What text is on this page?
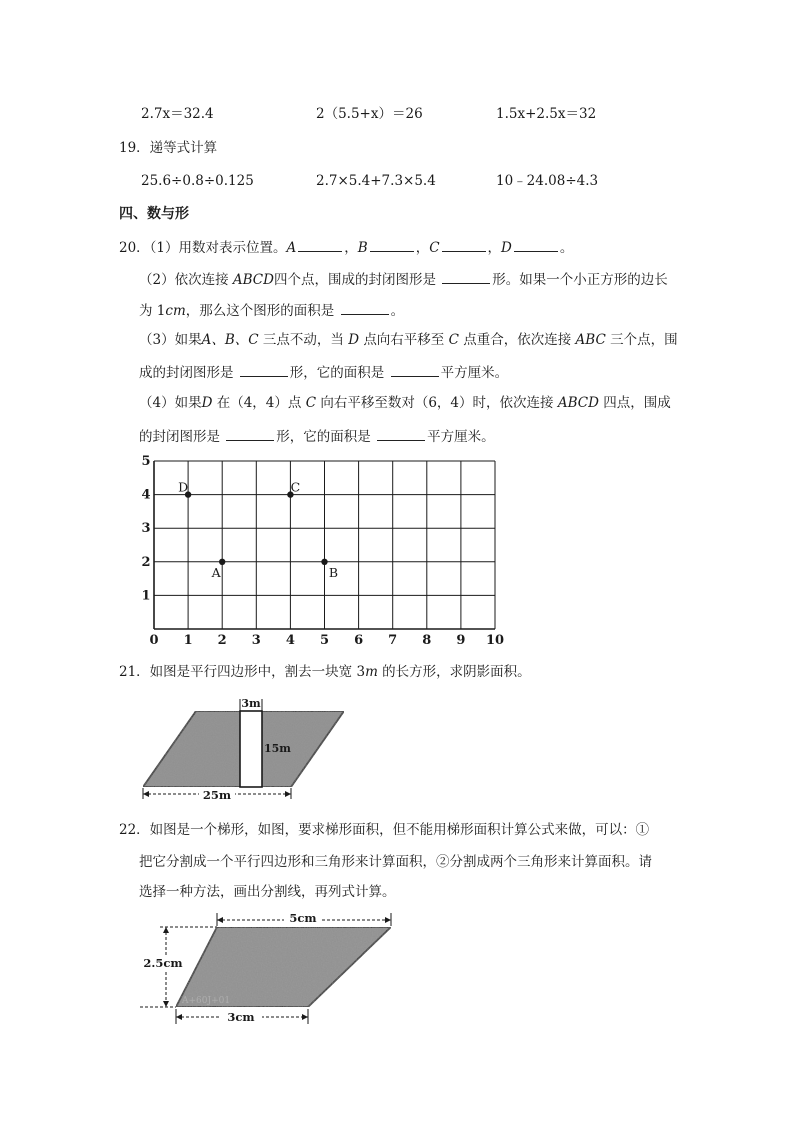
2.7x＝32.4	2（5.5+x）＝26	1.5x+2.5x＝32
19．递等式计算
25.6÷0.8÷0.125	2.7×5.4+7.3×5.4	10﹣24.08÷4.3
四、数与形
20．（1）用数对表示位置。A	，B	，C	，D	。
（2）依次连接 ABCD四个点，围成的封闭图形是	形。如果一个小正方形的边长
为 1cm，那么这个图形的面积是	。
（3）如果A、B、C 三点不动，当 D 点向右平移至 C 点重合，依次连接 ABC 三个点，围
成的封闭图形是	形，它的面积是	平方厘米。
（4）如果D 在（4，4）点 C 向右平移至数对（6，4）时，依次连接 ABCD 四点，围成
的封闭图形是	形，它的面积是	平方厘米。
0 1 2 3 4 5 6 7 8 9 10
1
2
3
4
5
A	B
C
D
21．如图是平行四边形中，割去一块宽 3m 的长方形，求阴影面积。
3m
15m
25m
22．如图是一个梯形，如图，要求梯形面积，但不能用梯形面积计算公式来做，可以：①
把它分割成一个平行四边形和三角形来计算面积，②分割成两个三角形来计算面积。请
选择一种方法，画出分割线，再列式计算。
5cm
2.5cm
A+60J+01
3cm
